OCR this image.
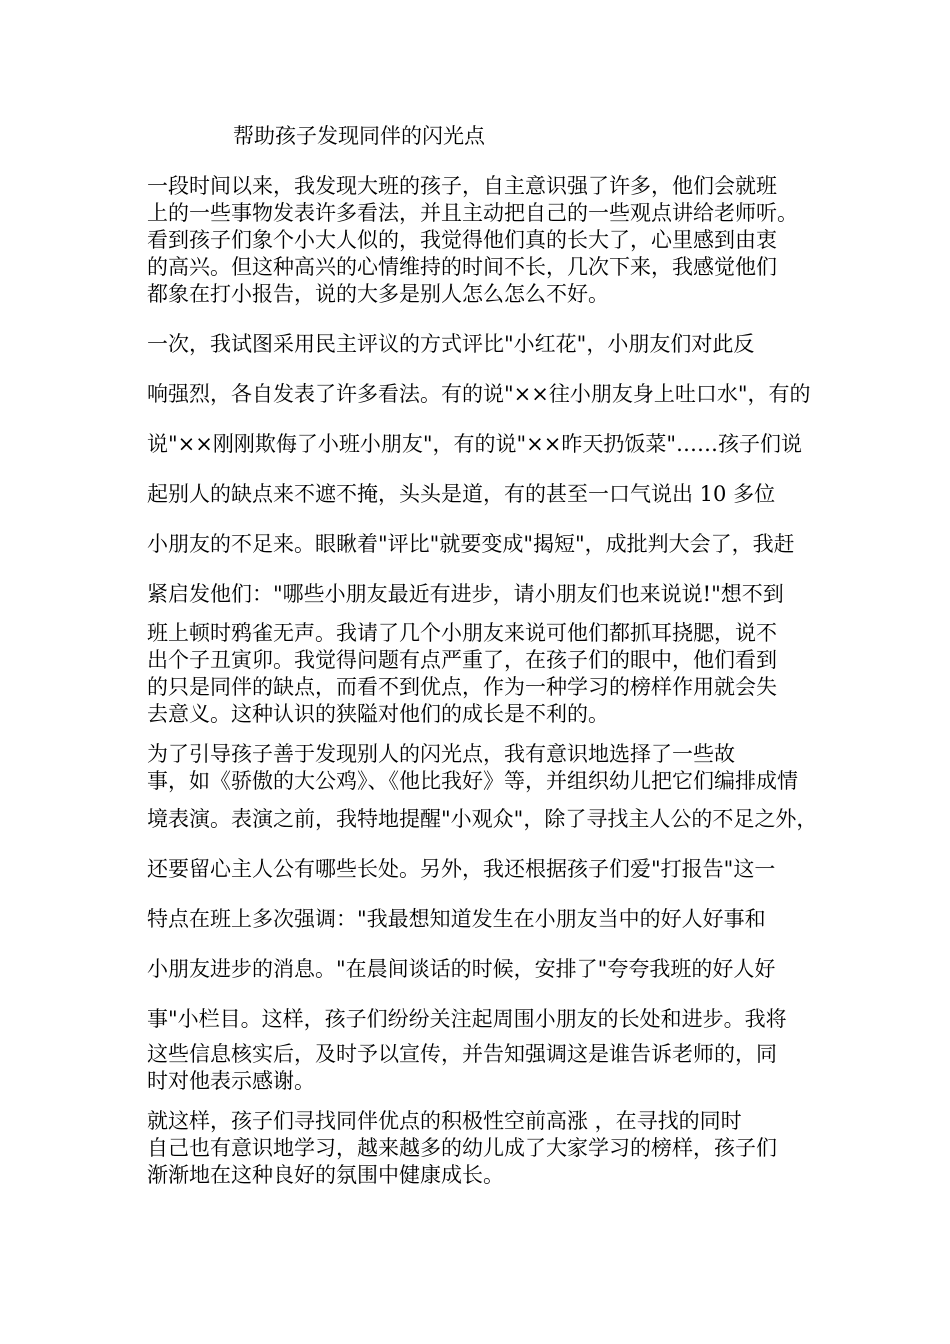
帮助孩子发现同伴的闪光点
一段时间以来，我发现大班的孩子，自主意识强了许多，他们会就班
上的一些事物发表许多看法，并且主动把自己的一些观点讲给老师听。
看到孩子们象个小大人似的，我觉得他们真的长大了，心里感到由衷
的高兴。但这种高兴的心情维持的时间不长，几次下来，我感觉他们
都象在打小报告，说的大多是别人怎么怎么不好。
一次，我试图采用民主评议的方式评比"小红花"，小朋友们对此反
响强烈，各自发表了许多看法。有的说"××往小朋友身上吐口水"，有的
说"××刚刚欺侮了小班小朋友"，有的说"××昨天扔饭菜"……孩子们说
起别人的缺点来不遮不掩，头头是道，有的甚至一口气说出 10 多位
小朋友的不足来。眼瞅着"评比"就要变成"揭短"，成批判大会了，我赶
紧启发他们："哪些小朋友最近有进步，请小朋友们也来说说!"想不到
班上顿时鸦雀无声。我请了几个小朋友来说可他们都抓耳挠腮，说不
出个子丑寅卯。我觉得问题有点严重了，在孩子们的眼中，他们看到
的只是同伴的缺点，而看不到优点，作为一种学习的榜样作用就会失
去意义。这种认识的狭隘对他们的成长是不利的。
为了引导孩子善于发现别人的闪光点，我有意识地选择了一些故
事，如《骄傲的大公鸡》、《他比我好》等，并组织幼儿把它们编排成情
境表演。表演之前，我特地提醒"小观众"，除了寻找主人公的不足之外，
还要留心主人公有哪些长处。另外，我还根据孩子们爱"打报告"这一
特点在班上多次强调："我最想知道发生在小朋友当中的好人好事和
小朋友进步的消息。"在晨间谈话的时候，安排了"夸夸我班的好人好
事"小栏目。这样，孩子们纷纷关注起周围小朋友的长处和进步。我将
这些信息核实后，及时予以宣传，并告知强调这是谁告诉老师的，同
时对他表示感谢。
就这样，孩子们寻找同伴优点的积极性空前高涨 ，在寻找的同时
自己也有意识地学习，越来越多的幼儿成了大家学习的榜样，孩子们
渐渐地在这种良好的氛围中健康成长。
